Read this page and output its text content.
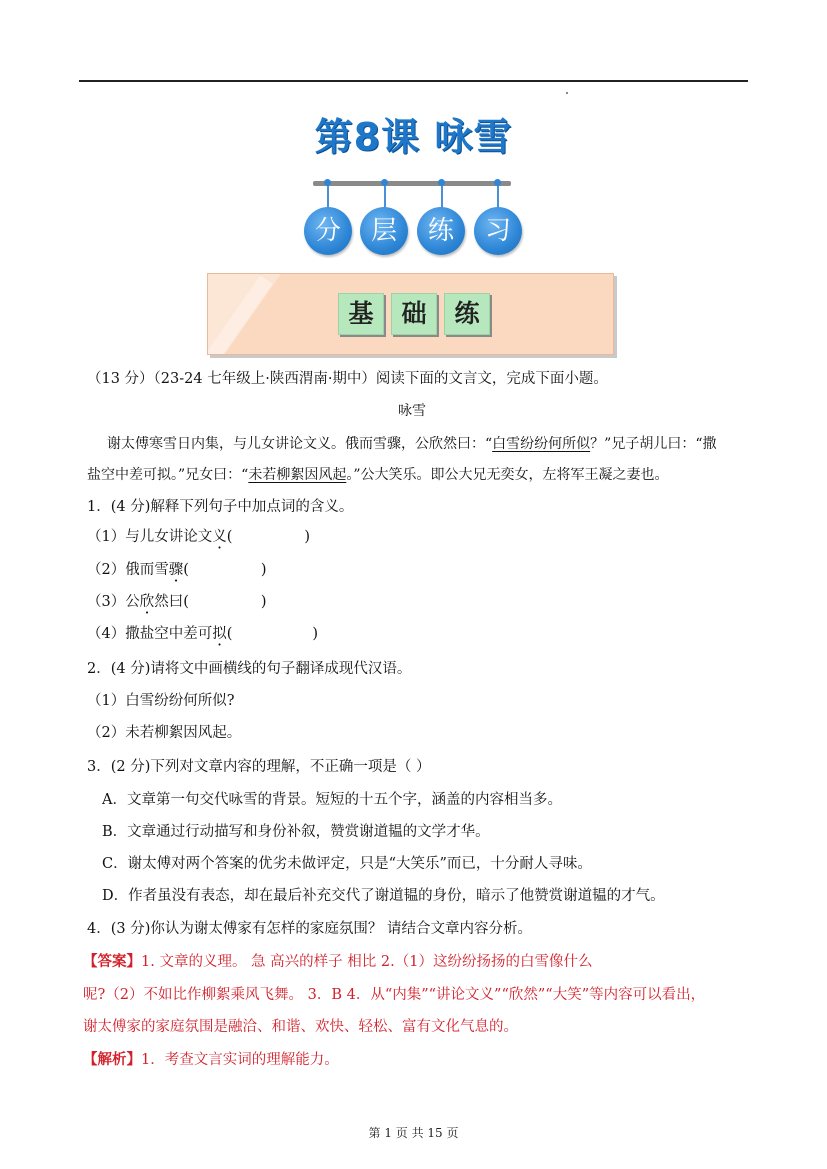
第8课 咏雪
分	层	练	习
基	础	练
（13 分）（23-24 七年级上·陕西渭南·期中）阅读下面的文言文，完成下面小题。
咏雪
谢太傅寒雪日内集，与儿女讲论文义。俄而雪骤，公欣然曰：“白雪纷纷何所似？”兄子胡儿曰：“撒
盐空中差可拟。”兄女曰：“未若柳絮因风起。”公大笑乐。即公大兄无奕女，左将军王凝之妻也。
1．(4 分)解释下列句子中加点词的含义。
（1）与儿女讲论文义(	)
（2）俄而雪骤(	)
（3）公欣然曰(	)
（4）撒盐空中差可拟(	)
2．(4 分)请将文中画横线的句子翻译成现代汉语。
（1）白雪纷纷何所似?
（2）未若柳絮因风起。
3．(2 分)下列对文章内容的理解，不正确一项是（ ）
A．文章第一句交代咏雪的背景。短短的十五个字，涵盖的内容相当多。
B．文章通过行动描写和身份补叙，赞赏谢道韫的文学才华。
C．谢太傅对两个答案的优劣未做评定，只是“大笑乐”而已，十分耐人寻味。
D．作者虽没有表态，却在最后补充交代了谢道韫的身份，暗示了他赞赏谢道韫的才气。
4．(3 分)你认为谢太傅家有怎样的家庭氛围？ 请结合文章内容分析。
【答案】1. 文章的义理。 急 高兴的样子 相比 2.（1）这纷纷扬扬的白雪像什么
呢?（2）不如比作柳絮乘风飞舞。 3．B 4．从“内集”“讲论文义”“欣然”“大笑”等内容可以看出，
谢太傅家的家庭氛围是融洽、和谐、欢快、轻松、富有文化气息的。
【解析】1．考查文言实词的理解能力。
第 1 页 共 15 页
